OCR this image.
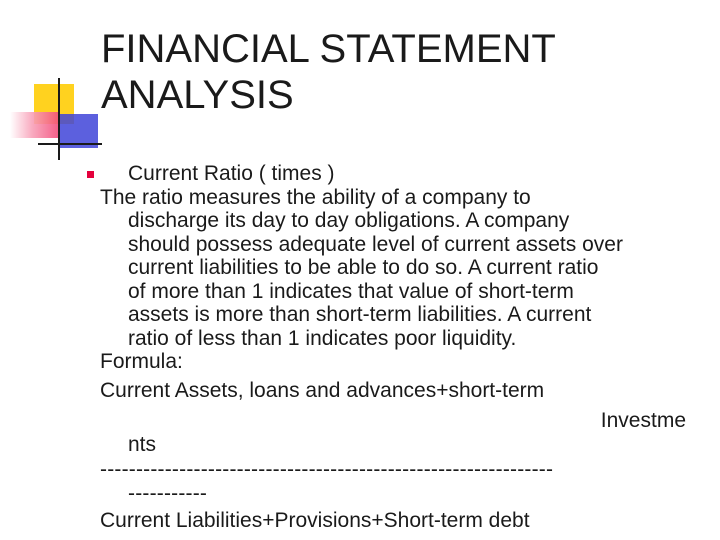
FINANCIAL STATEMENT
ANALYSIS
Current Ratio ( times )
The ratio measures the ability of a company to
discharge its day to day obligations. A company
should possess adequate level of current assets over
current liabilities to be able to do so. A current ratio
of more than 1 indicates that value of short-term
assets is more than short-term liabilities. A current
ratio of less than 1 indicates poor liquidity.
Formula:
Current Assets, loans and advances+short-term
Investme
nts
---------------------------------------------------------------
-----------
Current Liabilities+Provisions+Short-term debt
